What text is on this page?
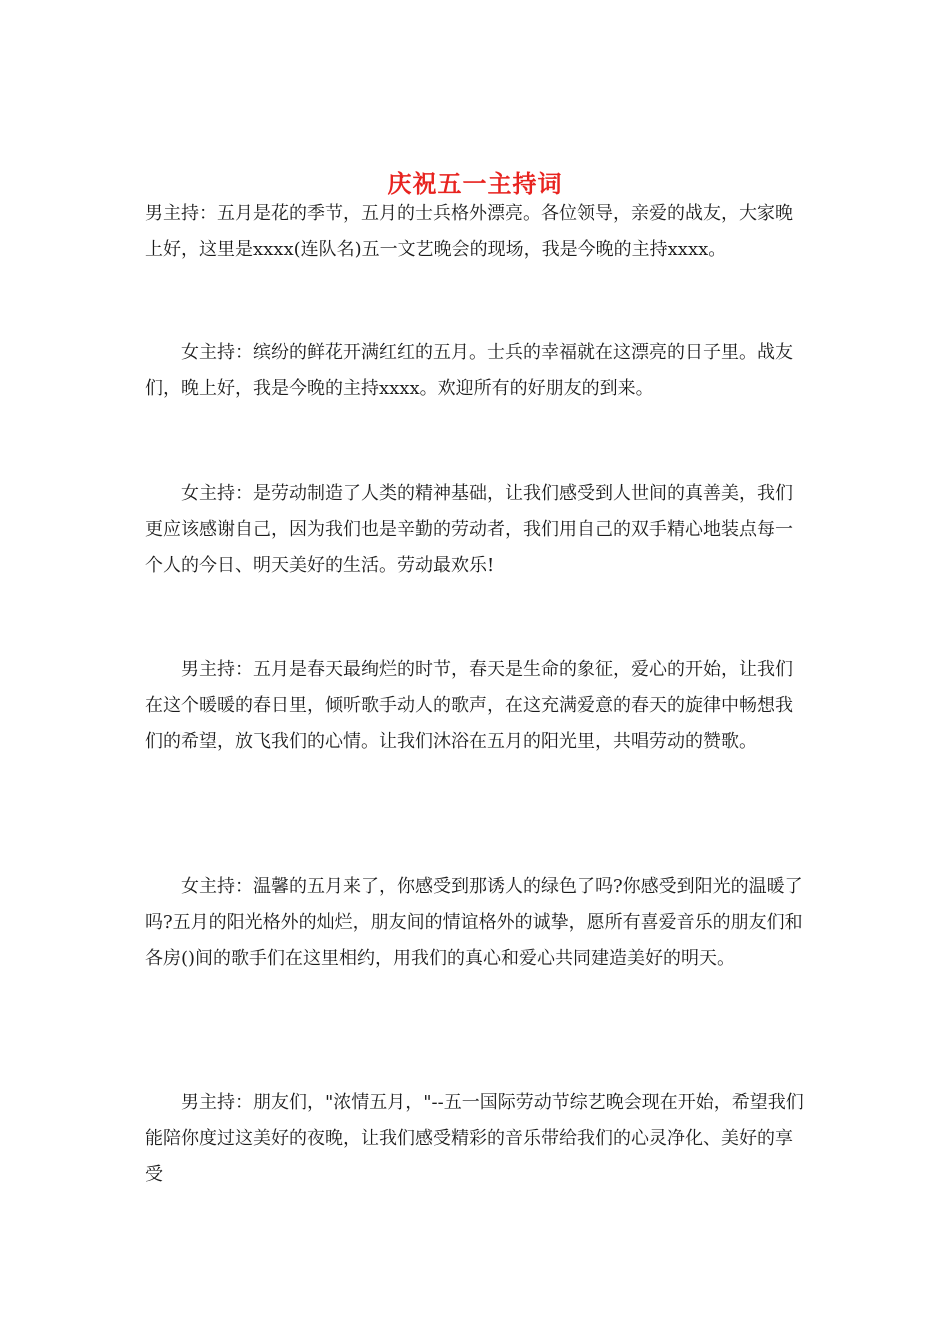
庆祝五一主持词

男主持：五月是花的季节，五月的士兵格外漂亮。各位领导，亲爱的战友，大家晚上好，这里是xxxx(连队名)五一文艺晚会的现场，我是今晚的主持xxxx。

女主持：缤纷的鲜花开满红红的五月。士兵的幸福就在这漂亮的日子里。战友们，晚上好，我是今晚的主持xxxx。欢迎所有的好朋友的到来。

女主持：是劳动制造了人类的精神基础，让我们感受到人世间的真善美，我们更应该感谢自己，因为我们也是辛勤的劳动者，我们用自己的双手精心地装点每一个人的今日、明天美好的生活。劳动最欢乐!

男主持：五月是春天最绚烂的时节，春天是生命的象征，爱心的开始，让我们在这个暖暖的春日里，倾听歌手动人的歌声，在这充满爱意的春天的旋律中畅想我们的希望，放飞我们的心情。让我们沐浴在五月的阳光里，共唱劳动的赞歌。

女主持：温馨的五月来了，你感受到那诱人的绿色了吗?你感受到阳光的温暖了吗?五月的阳光格外的灿烂，朋友间的情谊格外的诚挚，愿所有喜爱音乐的朋友们和各房()间的歌手们在这里相约，用我们的真心和爱心共同建造美好的明天。

男主持：朋友们，"浓情五月，"--五一国际劳动节综艺晚会现在开始，希望我们能陪你度过这美好的夜晚，让我们感受精彩的音乐带给我们的心灵净化、美好的享受
